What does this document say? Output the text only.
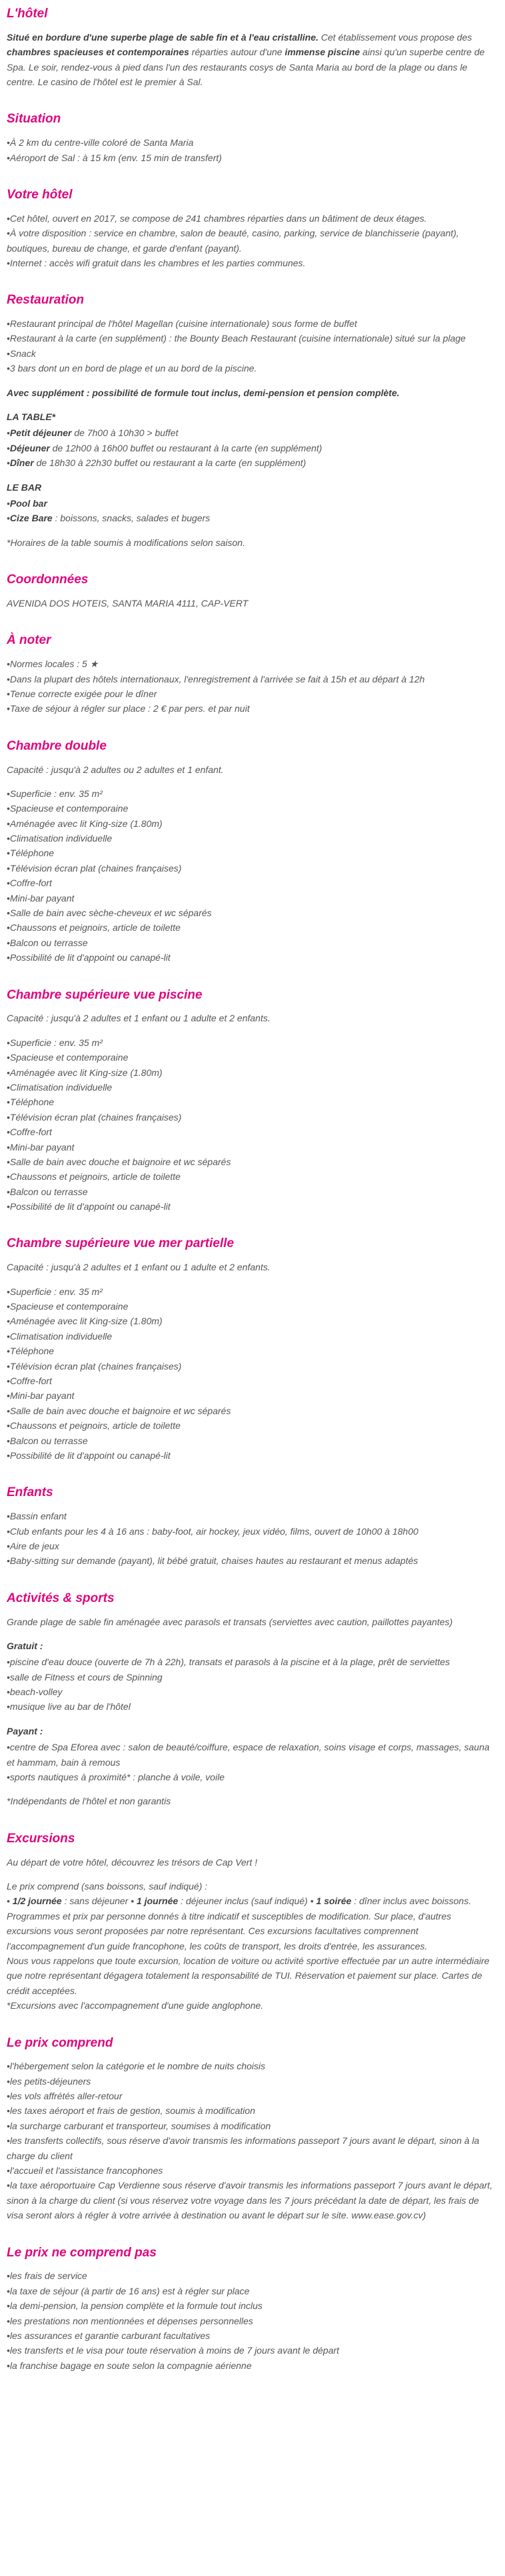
L'hôtel

Situé en bordure d'une superbe plage de sable fin et à l'eau cristalline. Cet établissement vous propose des chambres spacieuses et contemporaines réparties autour d'une immense piscine ainsi qu'un superbe centre de Spa. Le soir, rendez-vous à pied dans l'un des restaurants cosys de Santa Maria au bord de la plage ou dans le centre. Le casino de l'hôtel est le premier à Sal.

Situation
• À 2 km du centre-ville coloré de Santa Maria
• Aéroport de Sal : à 15 km (env. 15 min de transfert)
Votre hôtel
• Cet hôtel, ouvert en 2017, se compose de 241 chambres réparties dans un bâtiment de deux étages.
• À votre disposition : service en chambre, salon de beauté, casino, parking, service de blanchisserie (payant), boutiques, bureau de change, et garde d'enfant (payant).
• Internet : accès wifi gratuit dans les chambres et les parties communes.
Restauration
• Restaurant principal de l'hôtel Magellan (cuisine internationale) sous forme de buffet
• Restaurant à la carte (en supplément) : the Bounty Beach Restaurant (cuisine internationale) situé sur la plage
• Snack
• 3 bars dont un en bord de plage et un au bord de la piscine.

Avec supplément : possibilité de formule tout inclus, demi-pension et pension complète.

LA TABLE*

• Petit déjeuner de 7h00 à 10h30 > buffet
• Déjeuner de 12h00 à 16h00 buffet ou restaurant à la carte (en supplément)
• Dîner de 18h30 à 22h30 buffet ou restaurant a la carte (en supplément)

LE BAR

• Pool bar
• Cize Bare : boissons, snacks, salades et bugers

*Horaires de la table soumis à modifications selon saison.

Coordonnées

AVENIDA DOS HOTEIS, SANTA MARIA 4111, CAP-VERT

À noter
• Normes locales : 5 ★
• Dans la plupart des hôtels internationaux, l'enregistrement à l'arrivée se fait à 15h et au départ à 12h
• Tenue correcte exigée pour le dîner
• Taxe de séjour à régler sur place : 2 € par pers. et par nuit
Chambre double

Capacité : jusqu'à 2 adultes ou 2 adultes et 1 enfant.

• Superficie : env. 35 m²
• Spacieuse et contemporaine
• Aménagée avec lit King-size (1.80m)
• Climatisation individuelle
• Téléphone
• Télévision écran plat (chaines françaises)
• Coffre-fort
• Mini-bar payant
• Salle de bain avec sèche-cheveux et wc séparés
• Chaussons et peignoirs, article de toilette
• Balcon ou terrasse
• Possibilité de lit d'appoint ou canapé-lit
Chambre supérieure vue piscine

Capacité : jusqu'à 2 adultes et 1 enfant ou 1 adulte et 2 enfants.

• Superficie : env. 35 m²
• Spacieuse et contemporaine
• Aménagée avec lit King-size (1.80m)
• Climatisation individuelle
• Téléphone
• Télévision écran plat (chaines françaises)
• Coffre-fort
• Mini-bar payant
• Salle de bain avec douche et baignoire et wc séparés
• Chaussons et peignoirs, article de toilette
• Balcon ou terrasse
• Possibilité de lit d'appoint ou canapé-lit
Chambre supérieure vue mer partielle

Capacité : jusqu'à 2 adultes et 1 enfant ou 1 adulte et 2 enfants.

• Superficie : env. 35 m²
• Spacieuse et contemporaine
• Aménagée avec lit King-size (1.80m)
• Climatisation individuelle
• Téléphone
• Télévision écran plat (chaines françaises)
• Coffre-fort
• Mini-bar payant
• Salle de bain avec douche et baignoire et wc séparés
• Chaussons et peignoirs, article de toilette
• Balcon ou terrasse
• Possibilité de lit d'appoint ou canapé-lit
Enfants
• Bassin enfant
• Club enfants pour les 4 à 16 ans : baby-foot, air hockey, jeux vidéo, films, ouvert de 10h00 à 18h00
• Aire de jeux
• Baby-sitting sur demande (payant), lit bébé gratuit, chaises hautes au restaurant et menus adaptés
Activités & sports

Grande plage de sable fin aménagée avec parasols et transats (serviettes avec caution, paillottes payantes)

Gratuit :

• piscine d'eau douce (ouverte de 7h à 22h), transats et parasols à la piscine et à la plage, prêt de serviettes
• salle de Fitness et cours de Spinning
• beach-volley
• musique live au bar de l'hôtel

Payant :

• centre de Spa Eforea avec : salon de beauté/coiffure, espace de relaxation, soins visage et corps, massages, sauna et hammam, bain à remous
• sports nautiques à proximité* : planche à voile, voile

*Indépendants de l'hôtel et non garantis

Excursions

Au départ de votre hôtel, découvrez les trésors de Cap Vert !

Le prix comprend (sans boissons, sauf indiqué) :

• 1/2 journée : sans déjeuner • 1 journée : déjeuner inclus (sauf indiqué) • 1 soirée : dîner inclus avec boissons.

Programmes et prix par personne donnés à titre indicatif et susceptibles de modification. Sur place, d'autres excursions vous seront proposées par notre représentant. Ces excursions facultatives comprennent l'accompagnement d'un guide francophone, les coûts de transport, les droits d'entrée, les assurances.

Nous vous rappelons que toute excursion, location de voiture ou activité sportive effectuée par un autre intermédiaire que notre représentant dégagera totalement la responsabilité de TUI. Réservation et paiement sur place. Cartes de crédit acceptées.

*Excursions avec l'accompagnement d'une guide anglophone.

Le prix comprend
• l'hébergement selon la catégorie et le nombre de nuits choisis
• les petits-déjeuners
• les vols affrétés aller-retour
• les taxes aéroport et frais de gestion, soumis à modification
• la surcharge carburant et transporteur, soumises à modification
• les transferts collectifs, sous réserve d'avoir transmis les informations passeport 7 jours avant le départ, sinon à la charge du client
• l'accueil et l'assistance francophones
• la taxe aéroportuaire Cap Verdienne sous réserve d'avoir transmis les informations passeport 7 jours avant le départ, sinon à la charge du client (si vous réservez votre voyage dans les 7 jours précédant la date de départ, les frais de visa seront alors à régler à votre arrivée à destination ou avant le départ sur le site. www.ease.gov.cv)
Le prix ne comprend pas
• les frais de service
• la taxe de séjour (à partir de 16 ans) est à régler sur place
• la demi-pension, la pension complète et la formule tout inclus
• les prestations non mentionnées et dépenses personnelles
• les assurances et garantie carburant facultatives
• les transferts et le visa pour toute réservation à moins de 7 jours avant le départ
• la franchise bagage en soute selon la compagnie aérienne
